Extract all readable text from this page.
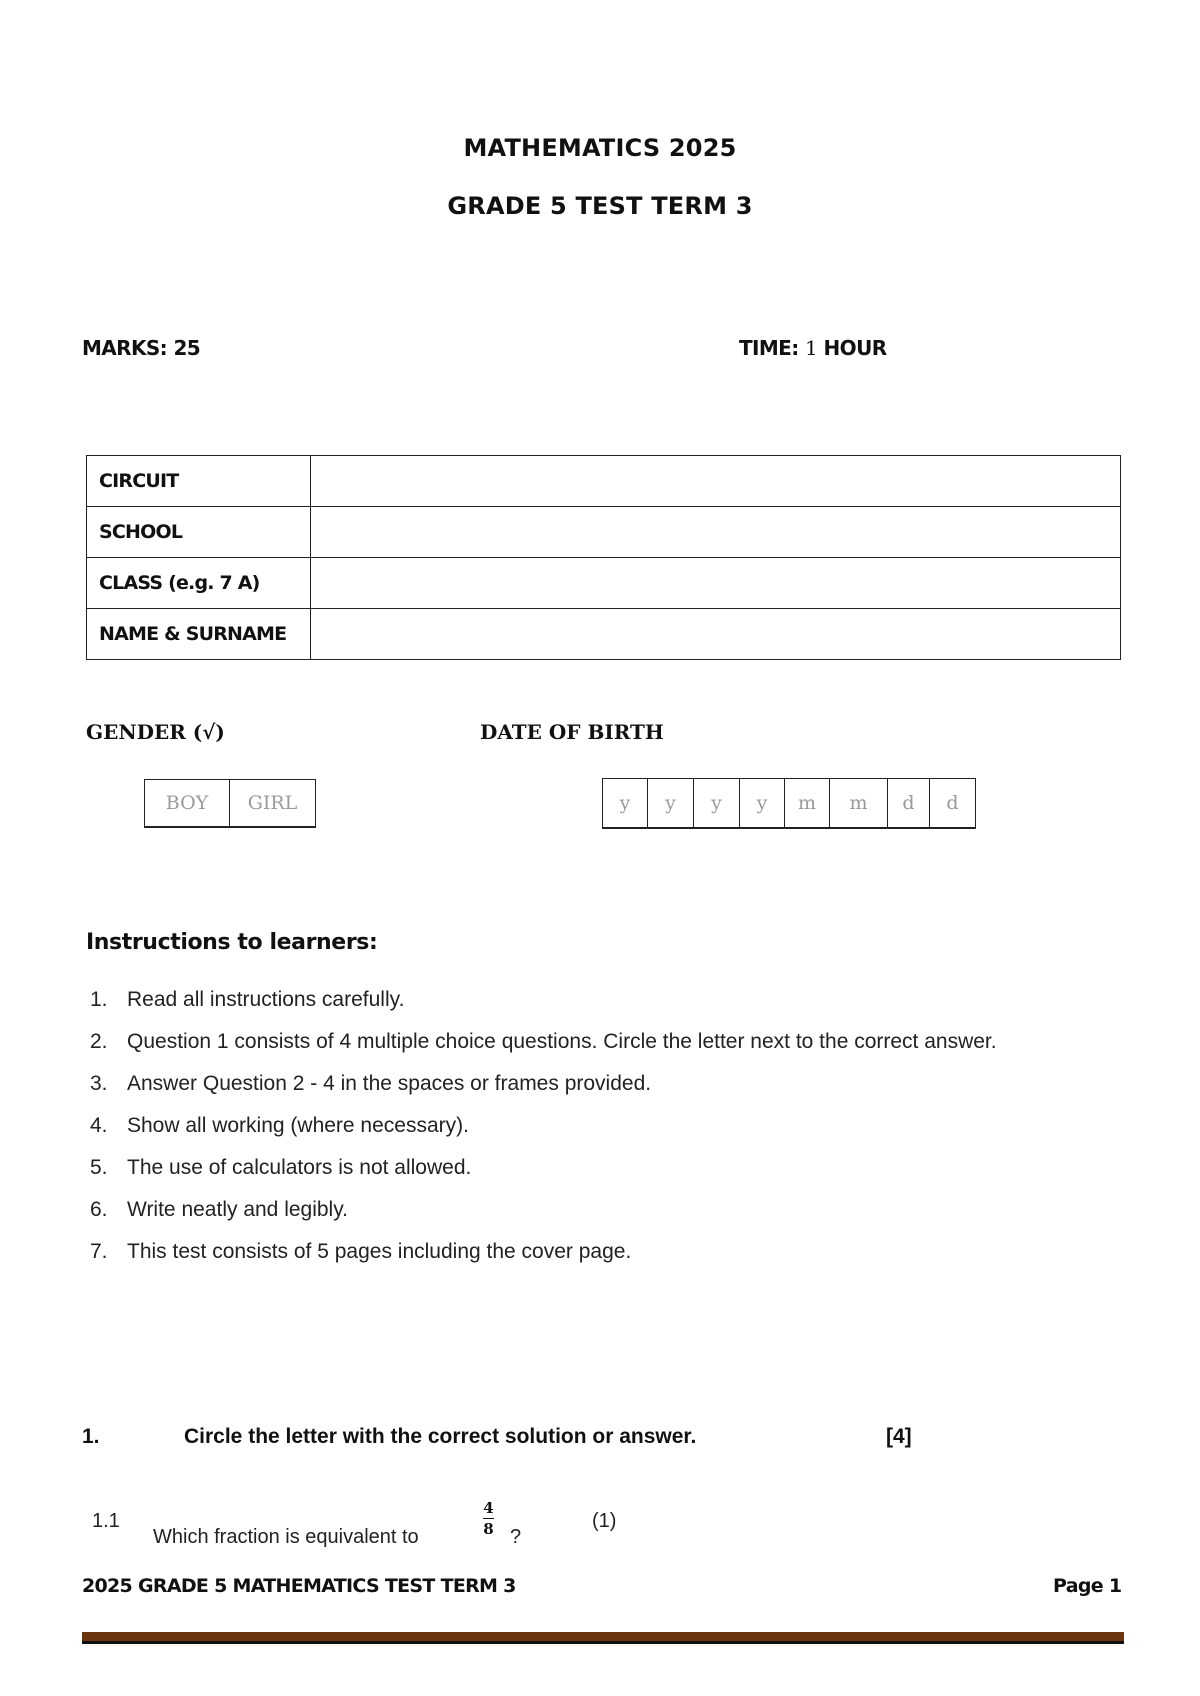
MATHEMATICS 2025
GRADE 5 TEST TERM 3
MARKS: 25	TIME: 1 HOUR
CIRCUIT	
SCHOOL	
CLASS (e.g. 7 A)	
NAME & SURNAME	
GENDER (√)
BOY	GIRL
DATE OF BIRTH
y	y	y	y	m	m	d	d
Instructions to learners:
1. Read all instructions carefully.
2. Question 1 consists of 4 multiple choice questions. Circle the letter next to the correct answer.
3. Answer Question 2 - 4 in the spaces or frames provided.
4. Show all working (where necessary).
5. The use of calculators is not allowed.
6. Write neatly and legibly.
7. This test consists of 5 pages including the cover page.
1.	Circle the letter with the correct solution or answer.	[4]
1.1
Which fraction is equivalent to
4
8 ?
(1)
2025 GRADE 5 MATHEMATICS TEST TERM 3	Page 1
